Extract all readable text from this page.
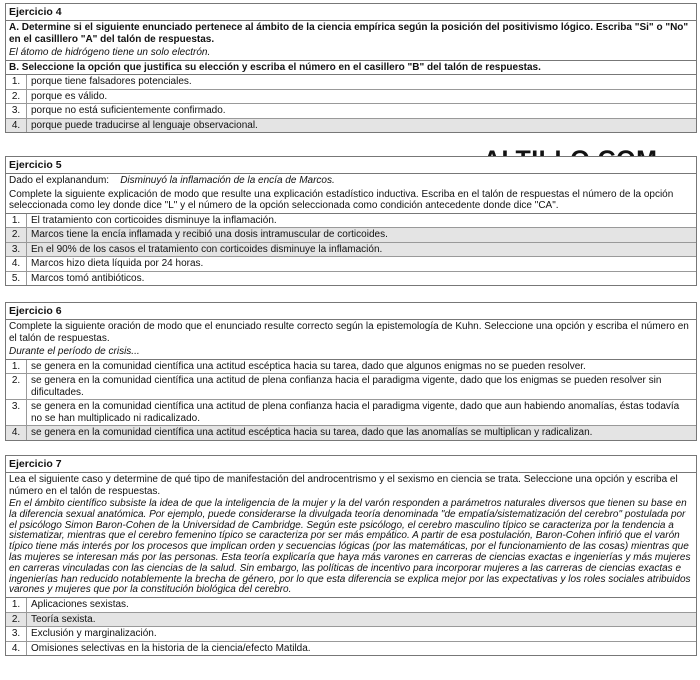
Ejercicio 4
A. Determine si el siguiente enunciado pertenece al ámbito de la ciencia empírica según la posición del positivismo lógico. Escriba "Si" o "No" en el casilllero "A" del talón de respuestas.
El átomo de hidrógeno tiene un solo electrón.
B. Seleccione la opción que justifica su elección y escriba el número en el casillero "B" del talón de respuestas.
1.	porque tiene falsadores potenciales.
2.	porque es válido.
3.	porque no está suficientemente confirmado.
4.	porque puede traducirse al lenguaje observacional.
Ejercicio 5
Dado el explanandum: Disminuyó la inflamación de la encía de Marcos.
Complete la siguiente explicación de modo que resulte una explicación estadístico inductiva. Escriba en el talón de respuestas el número de la opción seleccionada como ley donde dice "L" y el número de la opción seleccionada como condición antecedente donde dice "CA".
1.	El tratamiento con corticoides disminuye la inflamación.
2.	Marcos tiene la encía inflamada y recibió una dosis intramuscular de corticoides.
3.	En el 90% de los casos el tratamiento con corticoides disminuye la inflamación.
4.	Marcos hizo dieta líquida por 24 horas.
5.	Marcos tomó antibióticos.
Ejercicio 6
Complete la siguiente oración de modo que el enunciado resulte correcto según la epistemología de Kuhn. Seleccione una opción y escriba el número en el talón de respuestas.
Durante el período de crisis...
1.	se genera en la comunidad científica una actitud escéptica hacia su tarea, dado que algunos enigmas no se pueden resolver.
2.	se genera en la comunidad científica una actitud de plena confianza hacia el paradigma vigente, dado que los enigmas se pueden resolver sin dificultades.
3.	se genera en la comunidad científica una actitud de plena confianza hacia el paradigma vigente, dado que aun habiendo anomalías, éstas todavía no se han multiplicado ni radicalizado.
4.	se genera en la comunidad científica una actitud escéptica hacia su tarea, dado que las anomalías se multiplican y radicalizan.
Ejercicio 7
Lea el siguiente caso y determine de qué tipo de manifestación del androcentrismo y el sexismo en ciencia se trata. Seleccione una opción y escriba el número en el talón de respuestas.
En el ámbito científico subsiste la idea de que la inteligencia de la mujer y la del varón responden a parámetros naturales diversos que tienen su base en la diferencia sexual anatómica. Por ejemplo, puede considerarse la divulgada teoría denominada "de empatía/sistematización del cerebro" postulada por el psicólogo Simon Baron-Cohen de la Universidad de Cambridge. Según este psicólogo, el cerebro masculino típico se caracteriza por la tendencia a sistematizar, mientras que el cerebro femenino típico se caracteriza por ser más empático. A partir de esa postulación, Baron-Cohen infirió que el varón típico tiene más interés por los procesos que implican orden y secuencias lógicas (por las matemáticas, por el funcionamiento de las cosas) mientras que las mujeres se interesan más por las personas. Esta teoría explicaría que haya más varones en carreras de ciencias exactas e ingenierías y más mujeres en carreras vinculadas con las ciencias de la salud. Sin embargo, las políticas de incentivo para incorporar mujeres a las carreras de ciencias exactas e ingenierías han reducido notablemente la brecha de género, por lo que esta diferencia se explica mejor por las expectativas y los roles sociales atribuidos varones y mujeres que por la constitución biológica del cerebro.
1.	Aplicaciones sexistas.
2.	Teoría sexista.
3.	Exclusión y marginalización.
4.	Omisiones selectivas en la historia de la ciencia/efecto Matilda.
